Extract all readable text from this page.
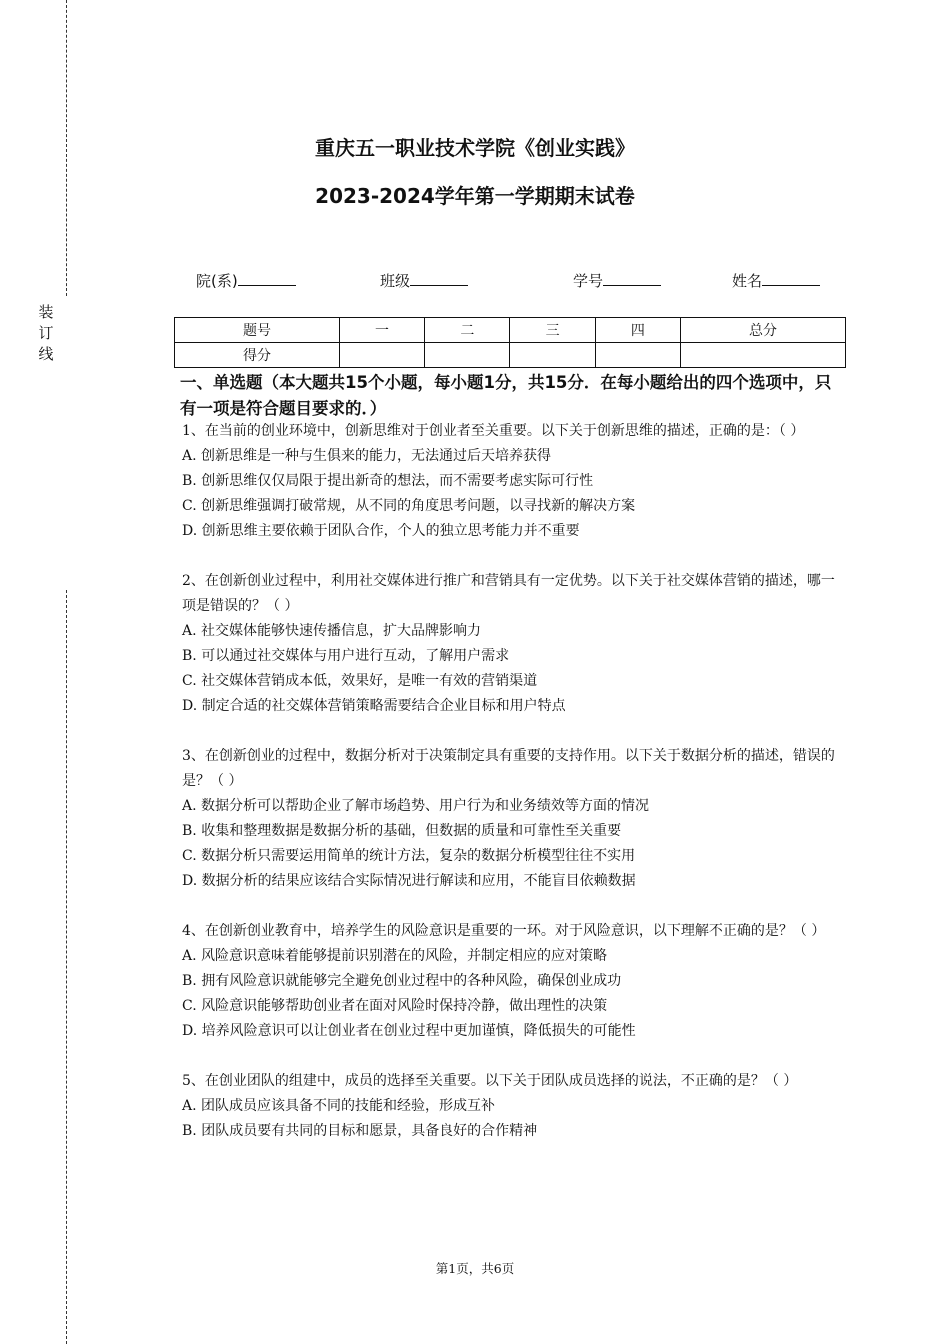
装订线
重庆五一职业技术学院《创业实践》
2023-2024学年第一学期期末试卷
院(系)	班级	学号	姓名
题号	一	二	三	四	总分
得分					
一、单选题（本大题共15个小题，每小题1分，共15分．在每小题给出的四个选项中，只有一项是符合题目要求的．）

1、在当前的创业环境中，创新思维对于创业者至关重要。以下关于创新思维的描述，正确的是：（ ）

A. 创新思维是一种与生俱来的能力，无法通过后天培养获得

B. 创新思维仅仅局限于提出新奇的想法，而不需要考虑实际可行性

C. 创新思维强调打破常规，从不同的角度思考问题，以寻找新的解决方案

D. 创新思维主要依赖于团队合作，个人的独立思考能力并不重要

2、在创新创业过程中，利用社交媒体进行推广和营销具有一定优势。以下关于社交媒体营销的描述，哪一项是错误的？（ ）

A. 社交媒体能够快速传播信息，扩大品牌影响力

B. 可以通过社交媒体与用户进行互动，了解用户需求

C. 社交媒体营销成本低，效果好，是唯一有效的营销渠道

D. 制定合适的社交媒体营销策略需要结合企业目标和用户特点

3、在创新创业的过程中，数据分析对于决策制定具有重要的支持作用。以下关于数据分析的描述，错误的是？（ ）

A. 数据分析可以帮助企业了解市场趋势、用户行为和业务绩效等方面的情况

B. 收集和整理数据是数据分析的基础，但数据的质量和可靠性至关重要

C. 数据分析只需要运用简单的统计方法，复杂的数据分析模型往往不实用

D. 数据分析的结果应该结合实际情况进行解读和应用，不能盲目依赖数据

4、在创新创业教育中，培养学生的风险意识是重要的一环。对于风险意识，以下理解不正确的是？（ ）

A. 风险意识意味着能够提前识别潜在的风险，并制定相应的应对策略

B. 拥有风险意识就能够完全避免创业过程中的各种风险，确保创业成功

C. 风险意识能够帮助创业者在面对风险时保持冷静，做出理性的决策

D. 培养风险意识可以让创业者在创业过程中更加谨慎，降低损失的可能性

5、在创业团队的组建中，成员的选择至关重要。以下关于团队成员选择的说法，不正确的是？（ ）

A. 团队成员应该具备不同的技能和经验，形成互补

B. 团队成员要有共同的目标和愿景，具备良好的合作精神

第1页，共6页
